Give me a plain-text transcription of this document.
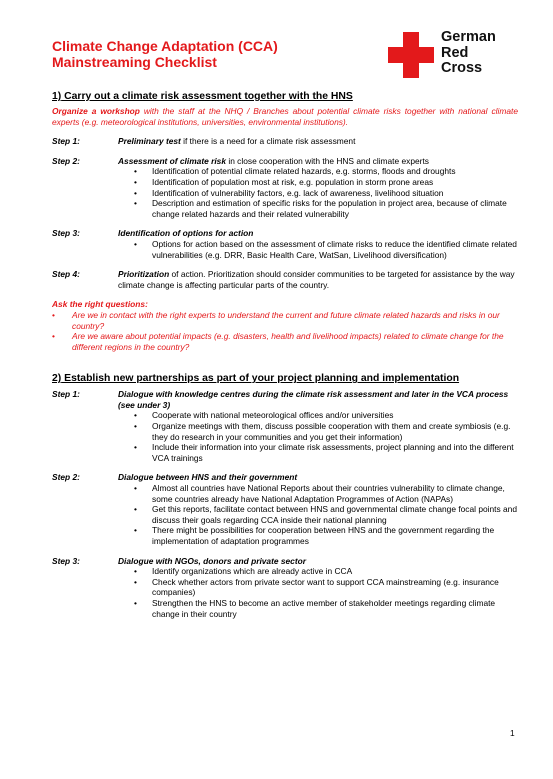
Climate Change Adaptation (CCA)
Mainstreaming Checklist
German
Red
Cross
1) Carry out a climate risk assessment together with the HNS
Organize a workshop with the staff at the NHQ / Branches about potential climate risks together with national climate experts (e.g. meteorological institutions, universities, environmental institutions).
Step 1:	Preliminary test if there is a need for a climate risk assessment
Step 2:	Assessment of climate risk in close cooperation with the HNS and climate experts
• Identification of potential climate related hazards, e.g. storms, floods and droughts
• Identification of population most at risk, e.g. population in storm prone areas
• Identification of vulnerability factors, e.g. lack of awareness, livelihood situation
• Description and estimation of specific risks for the population in project area, because of climate change related hazards and their related vulnerability
Step 3:	Identification of options for action
• Options for action based on the assessment of climate risks to reduce the identified climate related vulnerabilities (e.g. DRR, Basic Health Care, WatSan, Livelihood diversification)
Step 4:	Prioritization of action. Prioritization should consider communities to be targeted for assistance by the way climate change is affecting particular parts of the country.
Ask the right questions:
• Are we in contact with the right experts to understand the current and future climate related hazards and risks in our country?
• Are we aware about potential impacts (e.g. disasters, health and livelihood impacts) related to climate change for the different regions in the country?
2) Establish new partnerships as part of your project planning and implementation
Step 1:	Dialogue with knowledge centres during the climate risk assessment and later in the VCA process (see under 3)
• Cooperate with national meteorological offices and/or universities
• Organize meetings with them, discuss possible cooperation with them and create symbiosis (e.g. they do research in your communities and you get their information)
• Include their information into your climate risk assessments, project planning and into the different VCA trainings
Step 2:	Dialogue between HNS and their government
• Almost all countries have National Reports about their countries vulnerability to climate change, some countries already have National Adaptation Programmes of Action (NAPAs)
• Get this reports, facilitate contact between HNS and governmental climate change focal points and discuss their goals regarding CCA inside their national planning
• There might be possibilities for cooperation between HNS and the government regarding the implementation of adaptation programmes
Step 3:	Dialogue with NGOs, donors and private sector
• Identify organizations which are already active in CCA
• Check whether actors from private sector want to support CCA mainstreaming (e.g. insurance companies)
• Strengthen the HNS to become an active member of stakeholder meetings regarding climate change in their country
1
